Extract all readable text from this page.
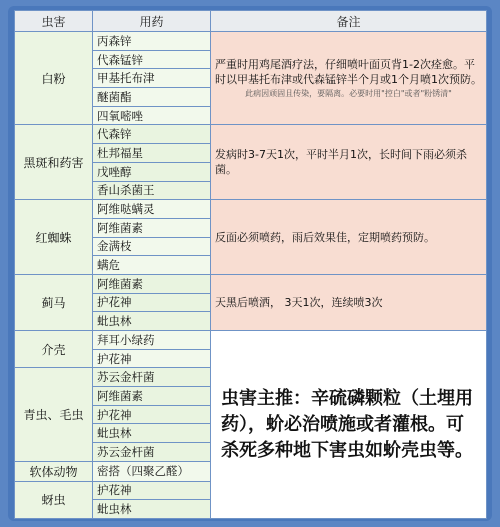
虫害	用药	备注
白粉	丙森锌	严重时用鸡尾酒疗法，仔细喷叶面页背1-2次痊愈。平时以甲基托布津或代森锰锌半个月或1个月喷1次预防。
此病因顽固且传染，要隔离。必要时用"控白"或者"粉锈清"

	代森锰锌	
	甲基托布津	
	醚菌酯	
	四氧嘧唑	
黑斑和药害	代森锌	发病时3-7天1次，平时半月1次，长时间下雨必须杀菌。
	杜邦福星	
	戊唑醇	
	香山杀菌王	
红蜘蛛	阿维哒螨灵	反面必须喷药，雨后效果佳，定期喷药预防。
	阿维菌素	
	金满枝	
	螨危	
蓟马	阿维菌素	天黑后喷洒， 3天1次，连续喷3次
	护花神	
	蚍虫林	
介壳	拜耳小绿药	虫害主推：辛硫磷颗粒（土埋用药），蚧必治喷施或者灌根。可杀死多种地下害虫如蚧壳虫等。
	护花神	
青虫、毛虫	苏云金杆菌	
	阿维菌素	
	护花神	
	蚍虫林	
	苏云金杆菌	
软体动物	密搭（四聚乙醛）	
蚜虫	护花神	
	蚍虫林	
